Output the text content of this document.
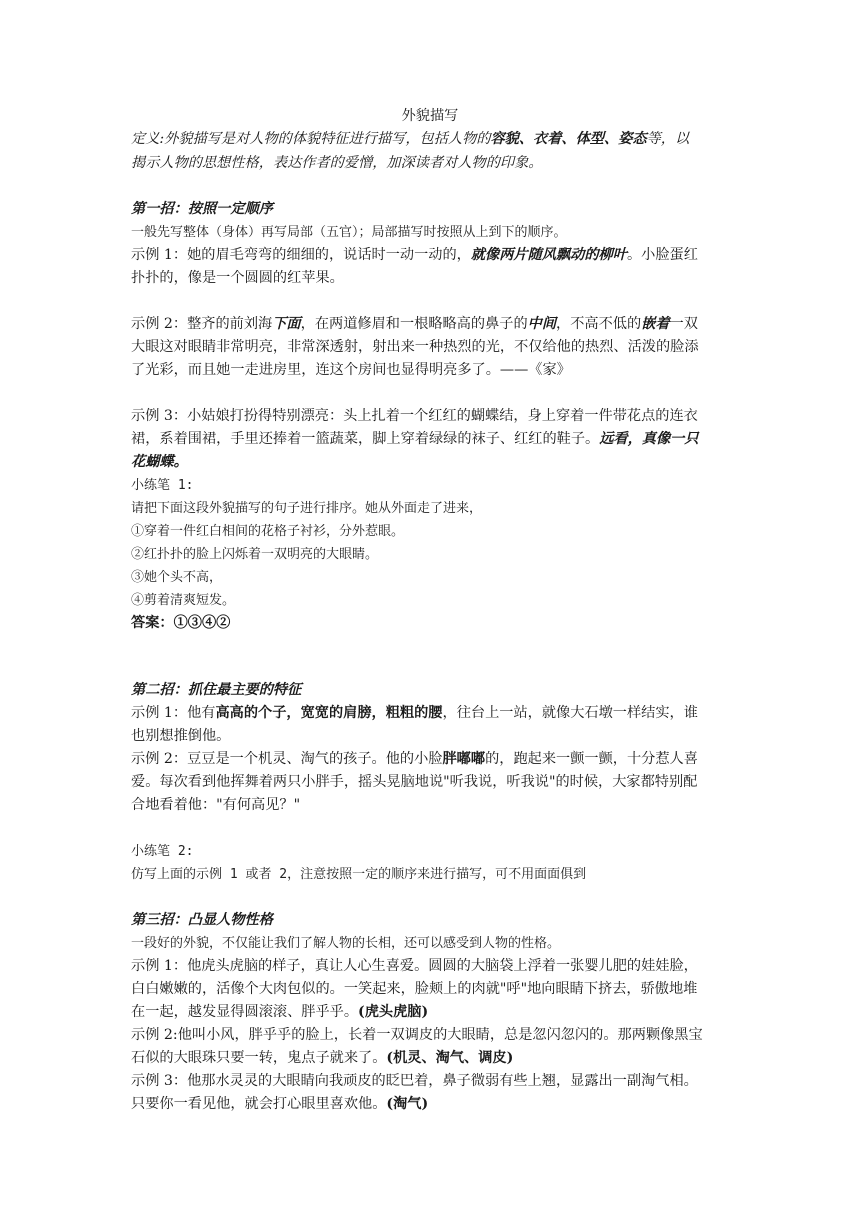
外貌描写

定义:外貌描写是对人物的体貌特征进行描写，包括人物的容貌、衣着、体型、姿态等，以

揭示人物的思想性格，表达作者的爱憎，加深读者对人物的印象。

第一招：按照一定顺序

一般先写整体（身体）再写局部（五官）；局部描写时按照从上到下的顺序。

示例 1：她的眉毛弯弯的细细的，说话时一动一动的，就像两片随风飘动的柳叶。小脸蛋红

扑扑的，像是一个圆圆的红苹果。

示例 2：整齐的前刘海下面，在两道修眉和一根略略高的鼻子的中间，不高不低的嵌着一双

大眼这对眼睛非常明亮，非常深透射，射出来一种热烈的光，不仅给他的热烈、活泼的脸添

了光彩，而且她一走进房里，连这个房间也显得明亮多了。——《家》

示例 3：小姑娘打扮得特别漂亮：头上扎着一个红红的蝴蝶结，身上穿着一件带花点的连衣

裙，系着围裙，手里还捧着一篮蔬菜，脚上穿着绿绿的袜子、红红的鞋子。远看，真像一只

花蝴蝶。

小练笔 1:

请把下面这段外貌描写的句子进行排序。她从外面走了进来，

①穿着一件红白相间的花格子衬衫，分外惹眼。

②红扑扑的脸上闪烁着一双明亮的大眼睛。

③她个头不高，

④剪着清爽短发。

答案：①③④②

第二招：抓住最主要的特征

示例 1：他有高高的个子，宽宽的肩膀，粗粗的腰，往台上一站，就像大石墩一样结实，谁

也别想推倒他。

示例 2：豆豆是一个机灵、淘气的孩子。他的小脸胖嘟嘟的，跑起来一颤一颤，十分惹人喜

爱。每次看到他挥舞着两只小胖手，摇头晃脑地说"听我说，听我说"的时候，大家都特别配

合地看着他："有何高见？"

小练笔 2:

仿写上面的示例 1 或者 2，注意按照一定的顺序来进行描写，可不用面面俱到

第三招：凸显人物性格

一段好的外貌，不仅能让我们了解人物的长相，还可以感受到人物的性格。

示例 1：他虎头虎脑的样子，真让人心生喜爱。圆圆的大脑袋上浮着一张婴儿肥的娃娃脸，

白白嫩嫩的，活像个大肉包似的。一笑起来，脸颊上的肉就"呼"地向眼睛下挤去，骄傲地堆

在一起，越发显得圆滚滚、胖乎乎。(虎头虎脑)

示例 2:他叫小风，胖乎乎的脸上，长着一双调皮的大眼睛，总是忽闪忽闪的。那两颗像黑宝

石似的大眼珠只要一转，鬼点子就来了。(机灵、淘气、调皮)

示例 3：他那水灵灵的大眼睛向我顽皮的眨巴着，鼻子微弱有些上翘，显露出一副淘气相。

只要你一看见他，就会打心眼里喜欢他。(淘气)
